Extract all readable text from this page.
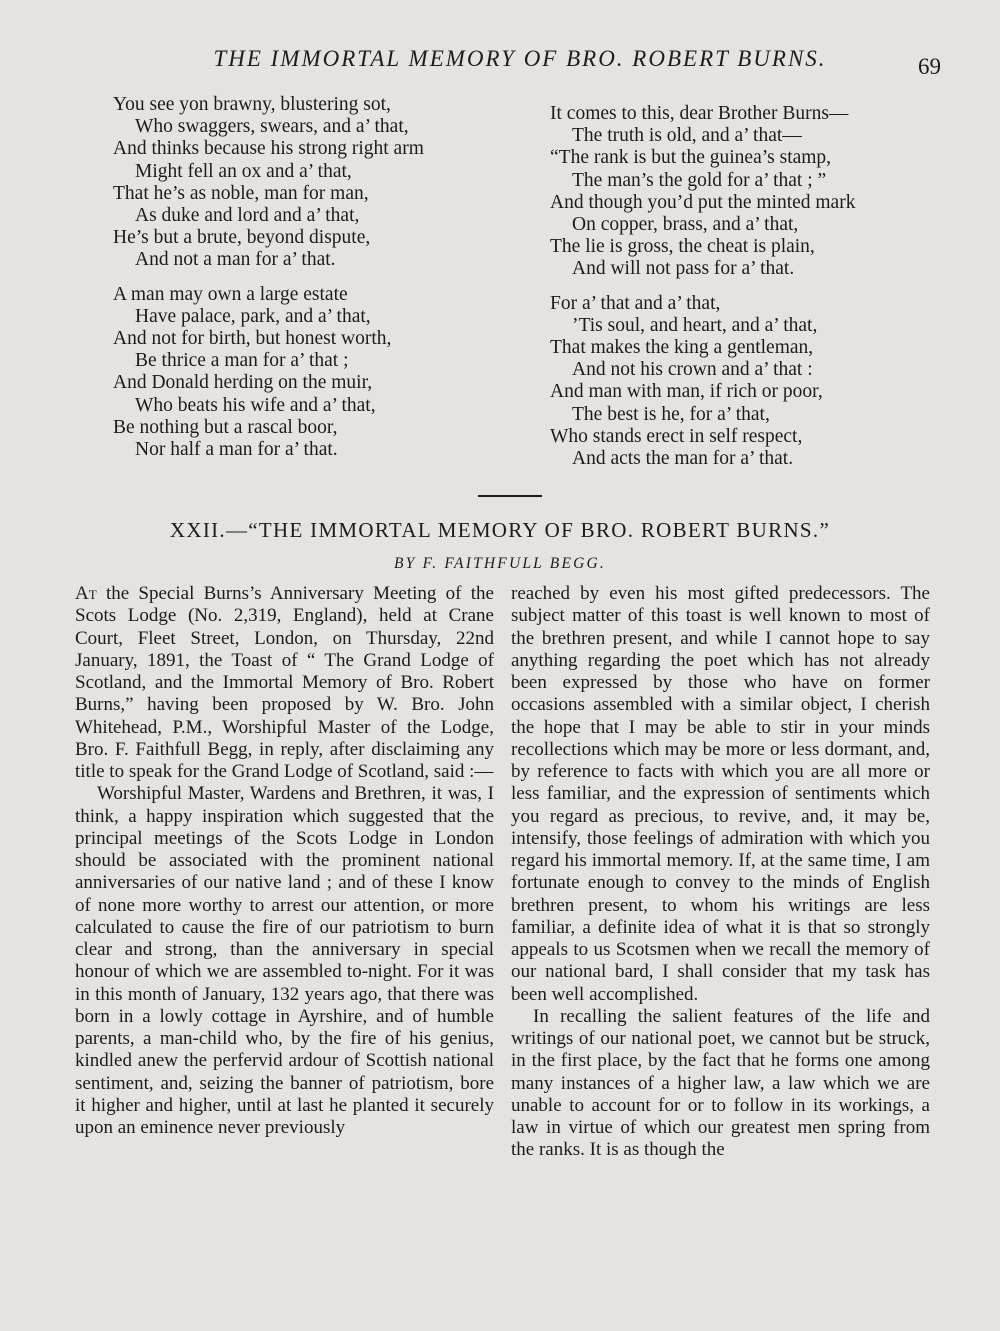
THE IMMORTAL MEMORY OF BRO. ROBERT BURNS.	69
You see yon brawny, blustering sot,
Who swaggers, swears, and a’ that,
And thinks because his strong right arm
Might fell an ox and a’ that,
That he’s as noble, man for man,
As duke and lord and a’ that,
He’s but a brute, beyond dispute,
And not a man for a’ that.
A man may own a large estate
Have palace, park, and a’ that,
And not for birth, but honest worth,
Be thrice a man for a’ that ;
And Donald herding on the muir,
Who beats his wife and a’ that,
Be nothing but a rascal boor,
Nor half a man for a’ that.
It comes to this, dear Brother Burns—
The truth is old, and a’ that—
“The rank is but the guinea’s stamp,
The man’s the gold for a’ that ; ”
And though you’d put the minted mark
On copper, brass, and a’ that,
The lie is gross, the cheat is plain,
And will not pass for a’ that.
For a’ that and a’ that,
’Tis soul, and heart, and a’ that,
That makes the king a gentleman,
And not his crown and a’ that :
And man with man, if rich or poor,
The best is he, for a’ that,
Who stands erect in self respect,
And acts the man for a’ that.
XXII.—“THE IMMORTAL MEMORY OF BRO. ROBERT BURNS.”
BY F. FAITHFULL BEGG.

At the Special Burns’s Anniversary Meeting of the Scots Lodge (No. 2,319, England), held at Crane Court, Fleet Street, London, on Thursday, 22nd January, 1891, the Toast of “ The Grand Lodge of Scotland, and the Immortal Memory of Bro. Robert Burns,” having been proposed by W. Bro. John Whitehead, P.M., Worshipful Master of the Lodge, Bro. F. Faithfull Begg, in reply, after disclaiming any title to speak for the Grand Lodge of Scotland, said :—

Worshipful Master, Wardens and Brethren, it was, I think, a happy inspiration which suggested that the principal meetings of the Scots Lodge in London should be associated with the prominent national anniversaries of our native land ; and of these I know of none more worthy to arrest our attention, or more calculated to cause the fire of our patriotism to burn clear and strong, than the anniversary in special honour of which we are assembled to-night. For it was in this month of January, 132 years ago, that there was born in a lowly cottage in Ayrshire, and of humble parents, a man-child who, by the fire of his genius, kindled anew the perfervid ardour of Scottish national sentiment, and, seizing the banner of patriotism, bore it higher and higher, until at last he planted it securely upon an eminence never previously

reached by even his most gifted predecessors. The subject matter of this toast is well known to most of the brethren present, and while I cannot hope to say anything regarding the poet which has not already been expressed by those who have on former occasions assembled with a similar object, I cherish the hope that I may be able to stir in your minds recollections which may be more or less dormant, and, by reference to facts with which you are all more or less familiar, and the expression of sentiments which you regard as precious, to revive, and, it may be, intensify, those feelings of admiration with which you regard his immortal memory. If, at the same time, I am fortunate enough to convey to the minds of English brethren present, to whom his writings are less familiar, a definite idea of what it is that so strongly appeals to us Scotsmen when we recall the memory of our national bard, I shall consider that my task has been well accomplished.

In recalling the salient features of the life and writings of our national poet, we cannot but be struck, in the first place, by the fact that he forms one among many instances of a higher law, a law which we are unable to account for or to follow in its workings, a law in virtue of which our greatest men spring from the ranks. It is as though the
